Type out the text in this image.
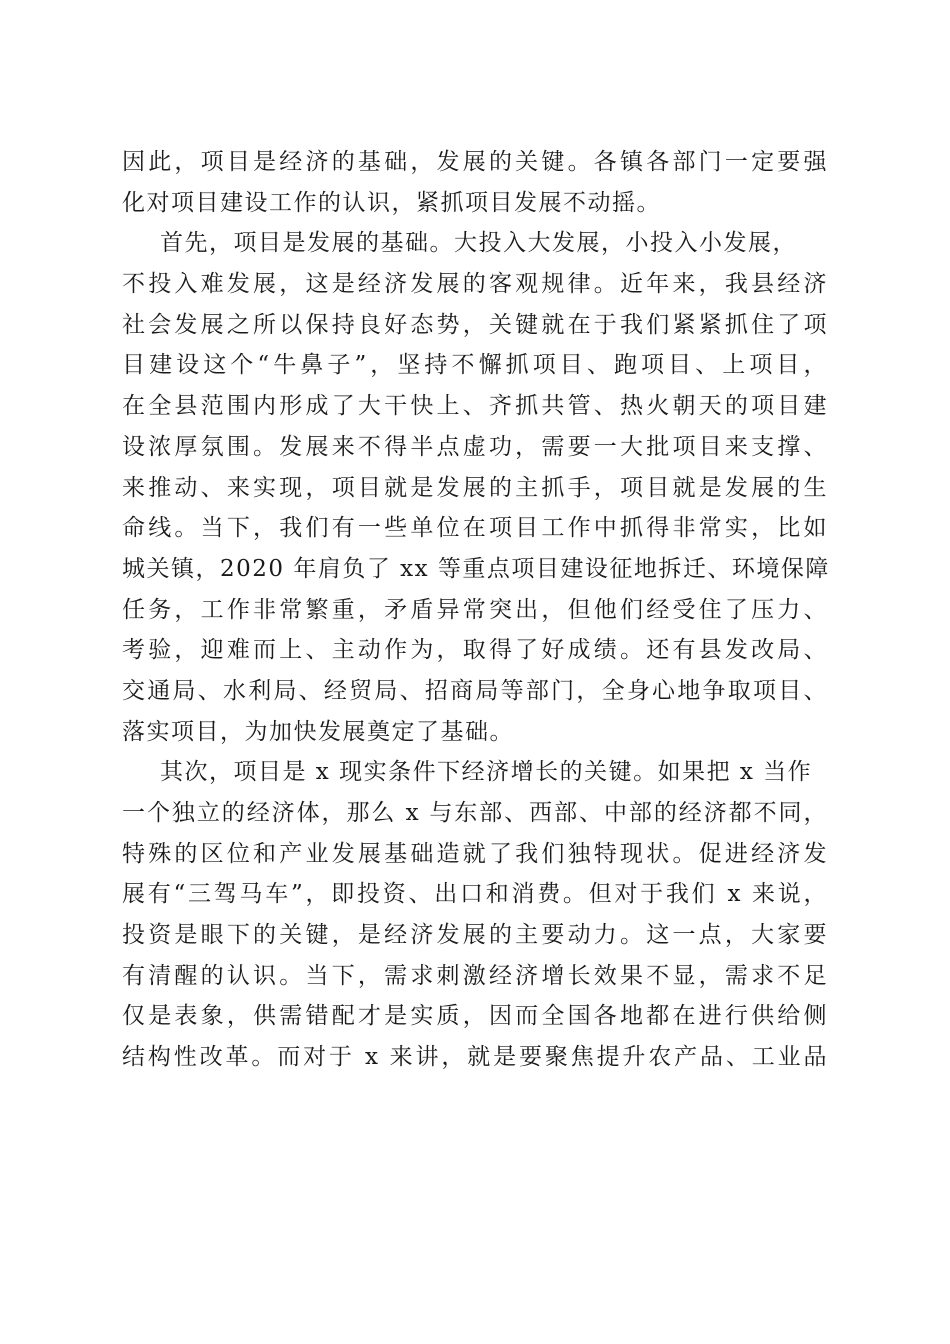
因此，项目是经济的基础，发展的关键。各镇各部门一定要强
化对项目建设工作的认识，紧抓项目发展不动摇。
首先，项目是发展的基础。大投入大发展，小投入小发展，
不投入难发展，这是经济发展的客观规律。近年来，我县经济
社会发展之所以保持良好态势，关键就在于我们紧紧抓住了项
目建设这个“牛鼻子”，坚持不懈抓项目、跑项目、上项目，
在全县范围内形成了大干快上、齐抓共管、热火朝天的项目建
设浓厚氛围。发展来不得半点虚功，需要一大批项目来支撑、
来推动、来实现，项目就是发展的主抓手，项目就是发展的生
命线。当下，我们有一些单位在项目工作中抓得非常实，比如
城关镇，2020 年肩负了 xx 等重点项目建设征地拆迁、环境保障
任务，工作非常繁重，矛盾异常突出，但他们经受住了压力、
考验，迎难而上、主动作为，取得了好成绩。还有县发改局、
交通局、水利局、经贸局、招商局等部门，全身心地争取项目、
落实项目，为加快发展奠定了基础。
其次，项目是 x 现实条件下经济增长的关键。如果把 x 当作
一个独立的经济体，那么 x 与东部、西部、中部的经济都不同，
特殊的区位和产业发展基础造就了我们独特现状。促进经济发
展有“三驾马车”，即投资、出口和消费。但对于我们 x 来说，
投资是眼下的关键，是经济发展的主要动力。这一点，大家要
有清醒的认识。当下，需求刺激经济增长效果不显，需求不足
仅是表象，供需错配才是实质，因而全国各地都在进行供给侧
结构性改革。而对于 x 来讲，就是要聚焦提升农产品、工业品
